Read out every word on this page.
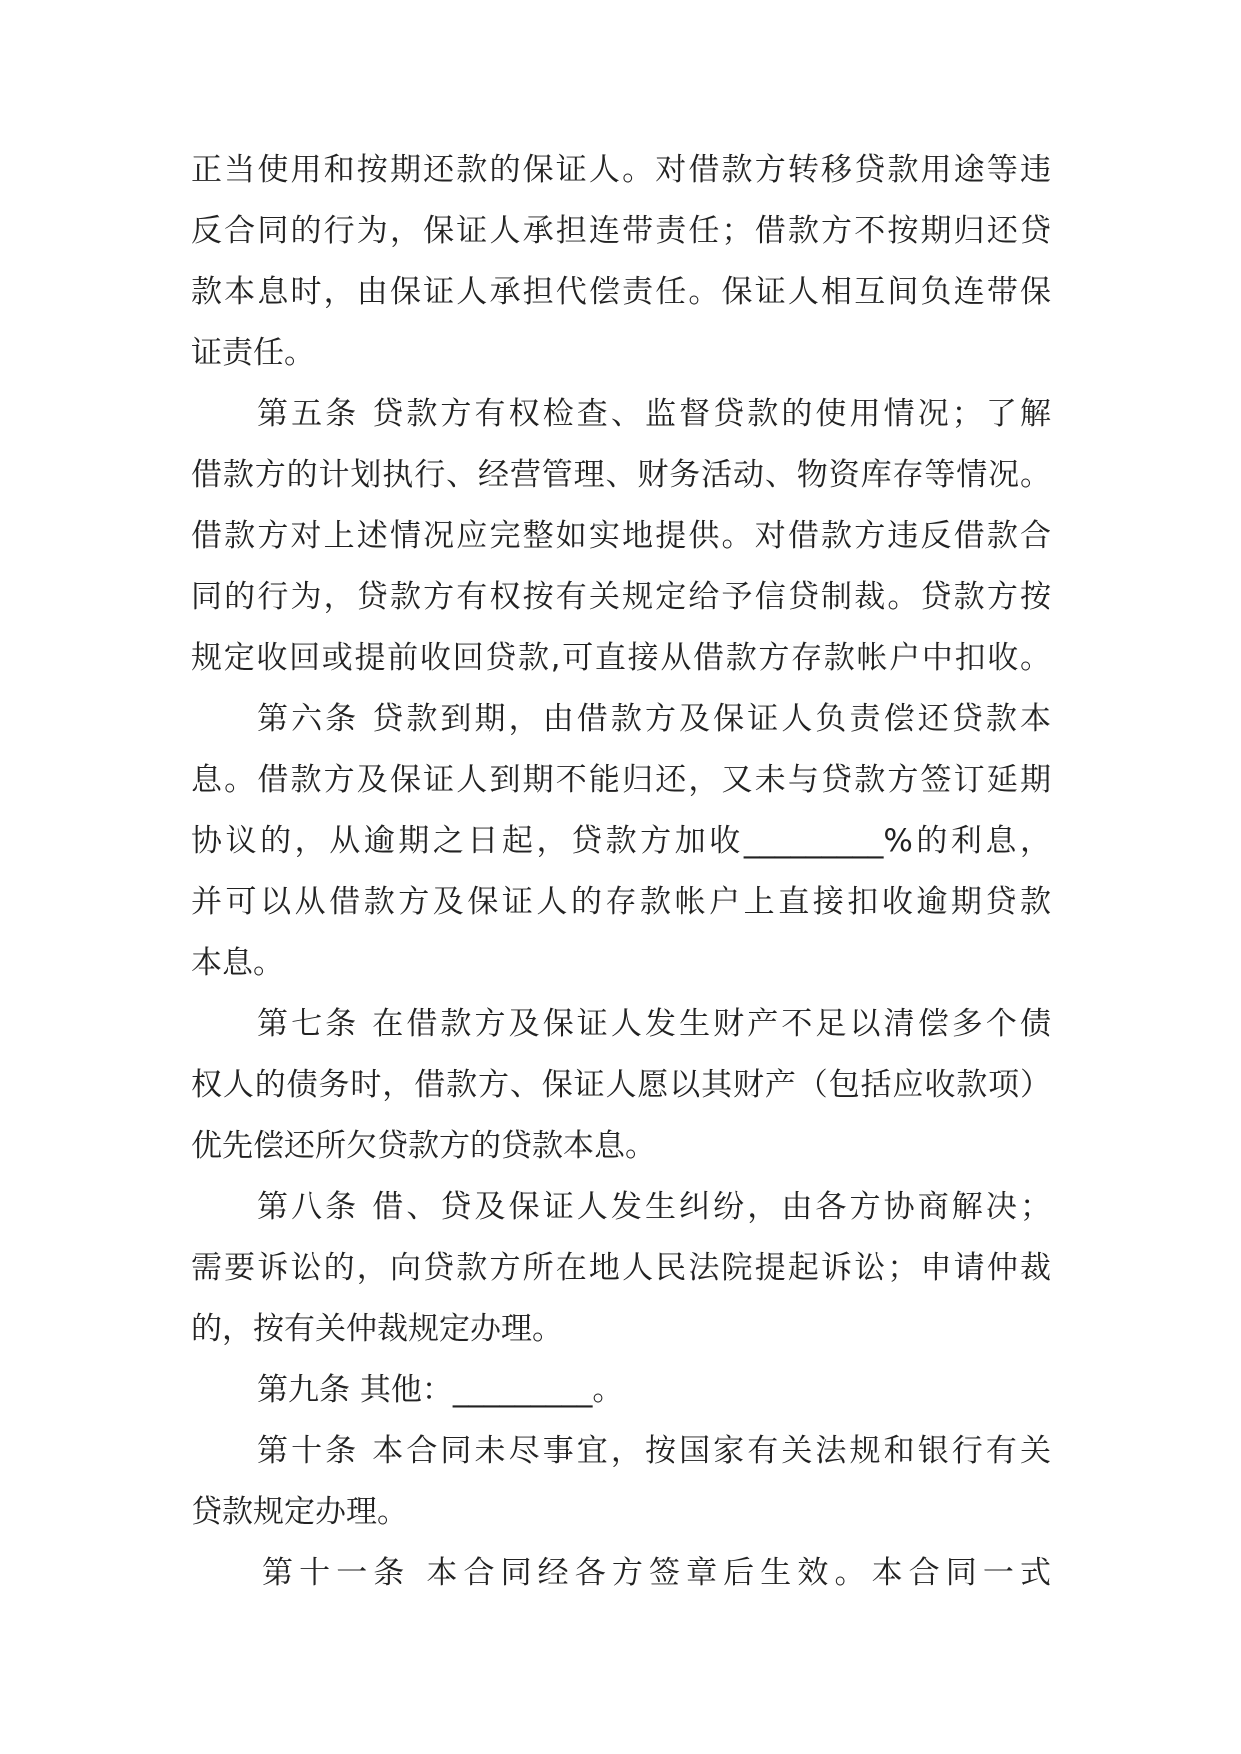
正当使用和按期还款的保证人。对借款方转移贷款用途等违
反合同的行为，保证人承担连带责任；借款方不按期归还贷
款本息时，由保证人承担代偿责任。保证人相互间负连带保
证责任。
第五条 贷款方有权检查、监督贷款的使用情况；了解
借款方的计划执行、经营管理、财务活动、物资库存等情况。
借款方对上述情况应完整如实地提供。对借款方违反借款合
同的行为，贷款方有权按有关规定给予信贷制裁。贷款方按
规定收回或提前收回贷款,可直接从借款方存款帐户中扣收。
第六条 贷款到期，由借款方及保证人负责偿还贷款本
息。借款方及保证人到期不能归还，又未与贷款方签订延期
协议的，从逾期之日起，贷款方加收_________%的利息，
并可以从借款方及保证人的存款帐户上直接扣收逾期贷款
本息。
第七条 在借款方及保证人发生财产不足以清偿多个债
权人的债务时，借款方、保证人愿以其财产（包括应收款项）
优先偿还所欠贷款方的贷款本息。
第八条 借、贷及保证人发生纠纷，由各方协商解决；
需要诉讼的，向贷款方所在地人民法院提起诉讼；申请仲裁
的，按有关仲裁规定办理。
第九条 其他：_________。
第十条 本合同未尽事宜，按国家有关法规和银行有关
贷款规定办理。
第十一条 本合同经各方签章后生效。本合同一式
